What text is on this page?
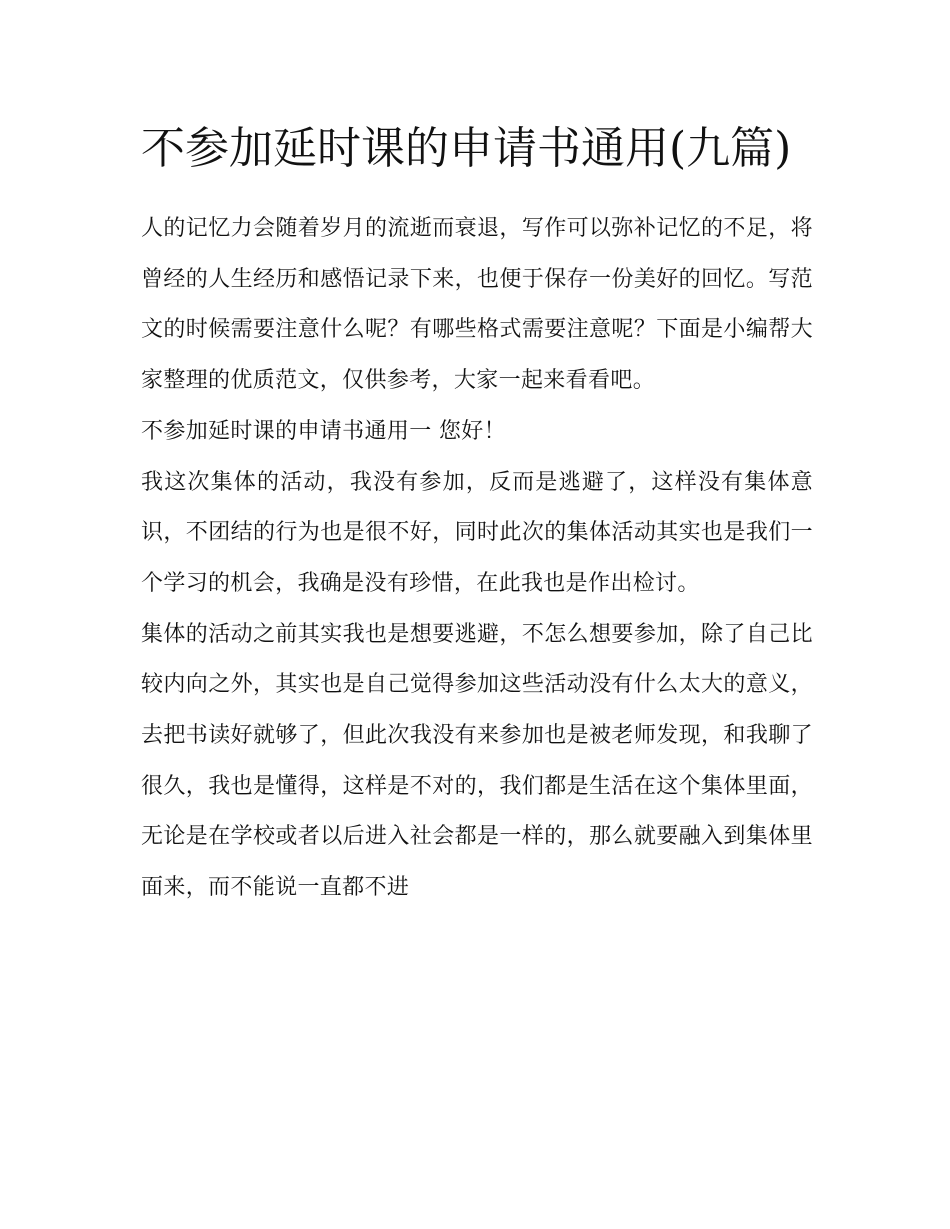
不参加延时课的申请书通用(九篇)

人的记忆力会随着岁月的流逝而衰退，写作可以弥补记忆的不足，将曾经的人生经历和感悟记录下来，也便于保存一份美好的回忆。写范文的时候需要注意什么呢？有哪些格式需要注意呢？下面是小编帮大家整理的优质范文，仅供参考，大家一起来看看吧。

不参加延时课的申请书通用一 您好！

我这次集体的活动，我没有参加，反而是逃避了，这样没有集体意识，不团结的行为也是很不好，同时此次的集体活动其实也是我们一个学习的机会，我确是没有珍惜，在此我也是作出检讨。

集体的活动之前其实我也是想要逃避，不怎么想要参加，除了自己比较内向之外，其实也是自己觉得参加这些活动没有什么太大的意义，去把书读好就够了，但此次我没有来参加也是被老师发现，和我聊了很久，我也是懂得，这样是不对的，我们都是生活在这个集体里面，无论是在学校或者以后进入社会都是一样的，那么就要融入到集体里面来，而不能说一直都不进
